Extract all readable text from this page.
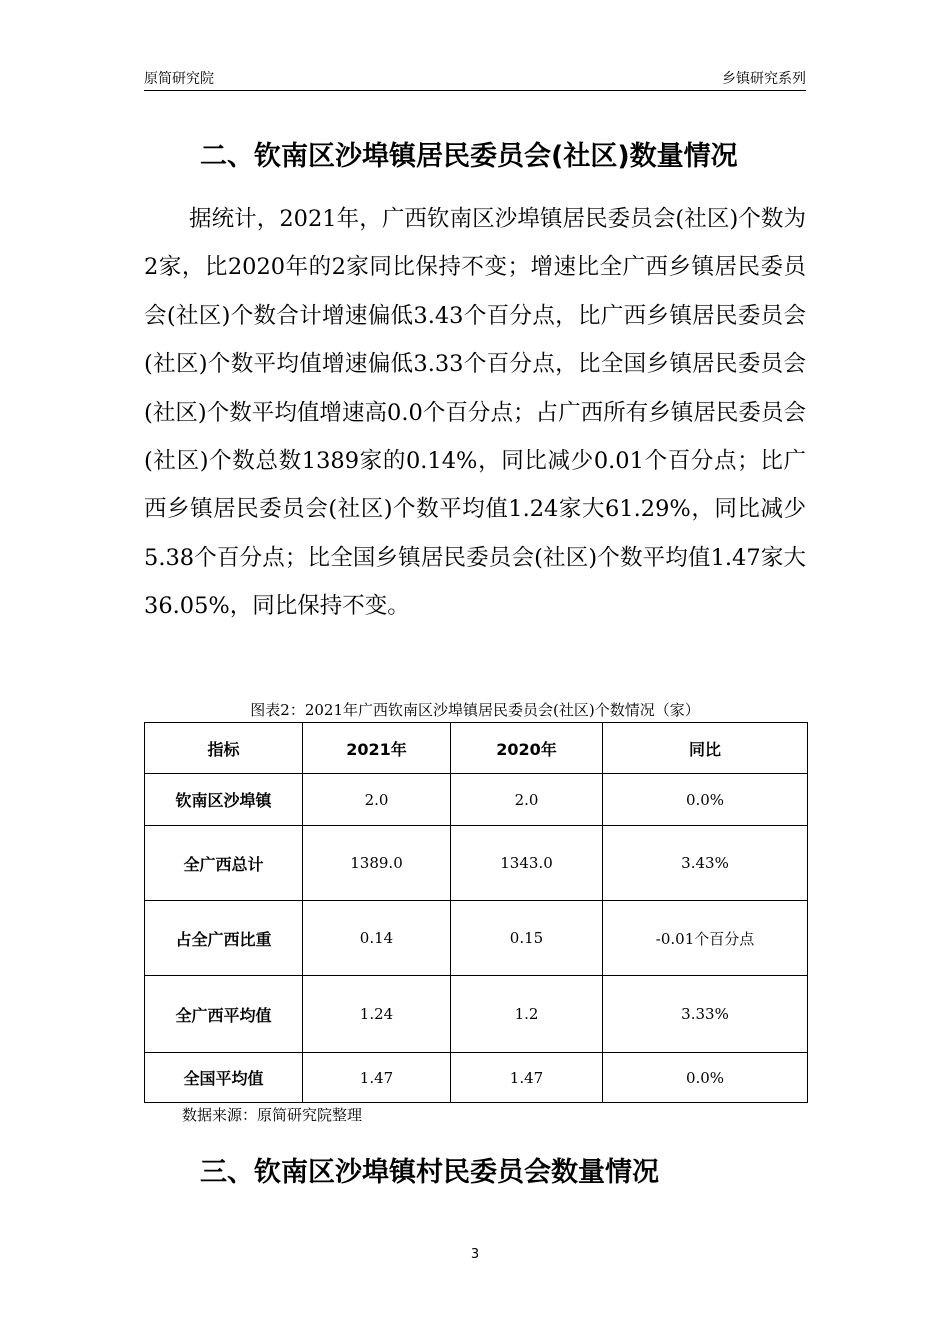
原简研究院	乡镇研究系列
二、钦南区沙埠镇居民委员会(社区)数量情况

据统计，2021年，广西钦南区沙埠镇居民委员会(社区)个数为2家，比2020年的2家同比保持不变；增速比全广西乡镇居民委员会(社区)个数合计增速偏低3.43个百分点，比广西乡镇居民委员会(社区)个数平均值增速偏低3.33个百分点，比全国乡镇居民委员会(社区)个数平均值增速高0.0个百分点；占广西所有乡镇居民委员会(社区)个数总数1389家的0.14%，同比减少0.01个百分点；比广西乡镇居民委员会(社区)个数平均值1.24家大61.29%，同比减少5.38个百分点；比全国乡镇居民委员会(社区)个数平均值1.47家大36.05%，同比保持不变。

图表2：2021年广西钦南区沙埠镇居民委员会(社区)个数情况（家）
指标	2021年	2020年	同比
钦南区沙埠镇	2.0	2.0	0.0%
全广西总计	1389.0	1343.0	3.43%
占全广西比重	0.14	0.15	-0.01个百分点
全广西平均值	1.24	1.2	3.33%
全国平均值	1.47	1.47	0.0%
数据来源：原简研究院整理
三、钦南区沙埠镇村民委员会数量情况
3
